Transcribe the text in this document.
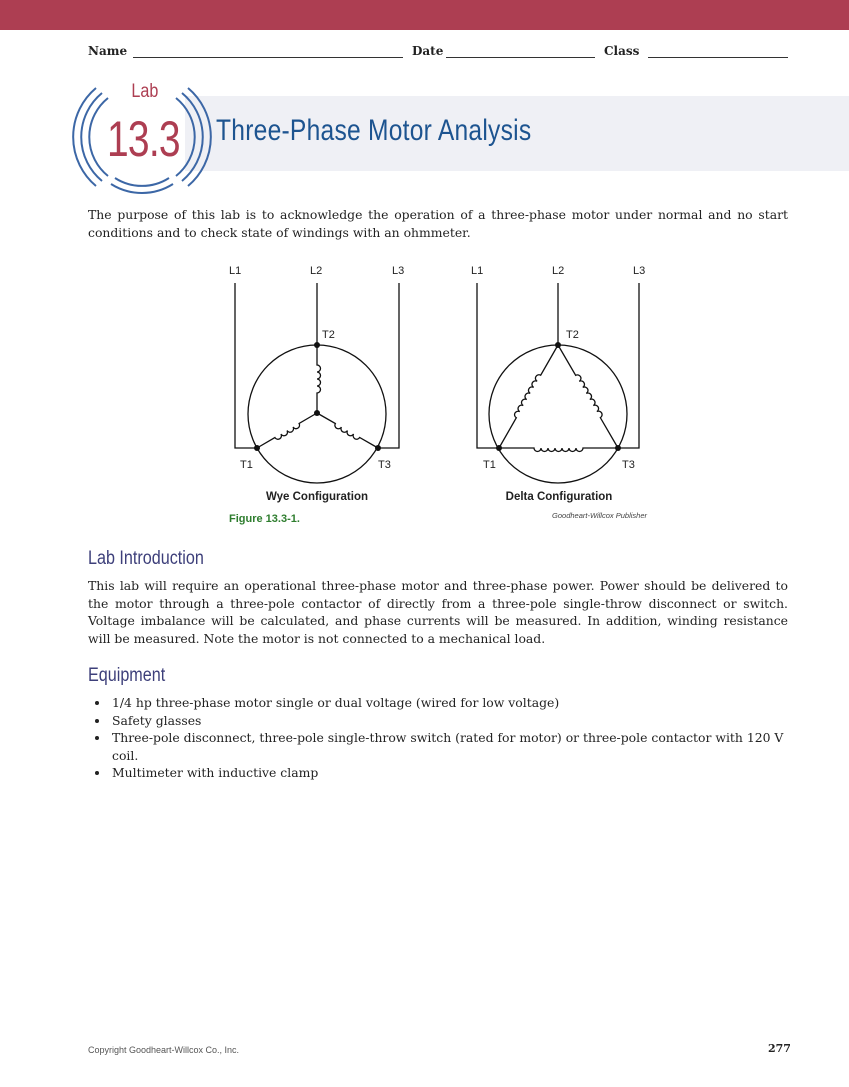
Name	Date	Class
Lab
13.3 Three-Phase Motor Analysis

The purpose of this lab is to acknowledge the operation of a three-phase motor under normal and no start conditions and to check state of windings with an ohmmeter.

L1	L2	L3
T1
T2
T3
L1	L2	L3
T1
T2
T3
Wye Configuration	Delta Configuration
Figure 13.3-1.	Goodheart-Willcox Publisher
Lab Introduction

This lab will require an operational three-phase motor and three-phase power. Power should be delivered to the motor through a three-pole contactor of directly from a three-pole single-throw disconnect or switch. Voltage imbalance will be calculated, and phase currents will be measured. In addition, winding resistance will be measured. Note the motor is not connected to a mechanical load.

Equipment
• 1/4 hp three-phase motor single or dual voltage (wired for low voltage)
• Safety glasses
• Three-pole disconnect, three-pole single-throw switch (rated for motor) or three-pole contactor with 120 V coil.
• Multimeter with inductive clamp
Copyright Goodheart-Willcox Co., Inc.	277
